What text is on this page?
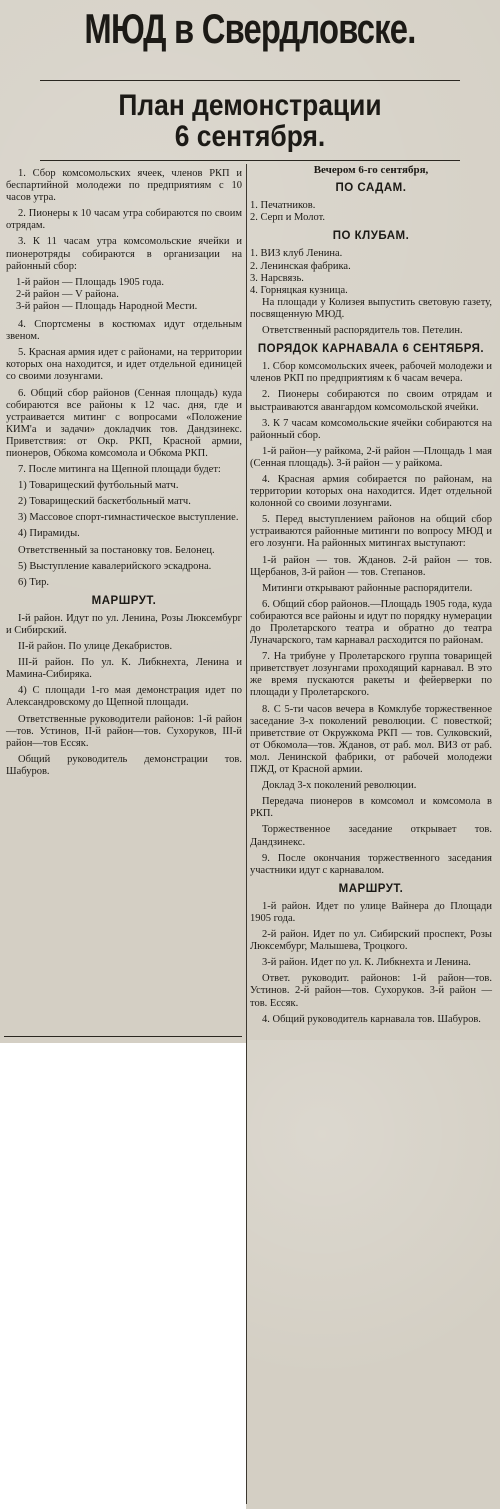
МЮД в Свердловске.
План демонстрации
6 сентября.

1. Сбор комсомольских ячеек, членов РКП и беспартийной молодежи по предприятиям с 10 часов утра.

2. Пионеры к 10 часам утра собираются по своим отрядам.

3. К 11 часам утра комсомольские ячейки и пионеротряды собираются в организации на районный сбор:

1-й район — Площадь 1905 года.

2-й район — V района.

3-й район — Площадь Народной Мести.

4. Спортсмены в костюмах идут отдельным звеном.

5. Красная армия идет с районами, на территории которых она находится, и идет отдельной единицей со своими лозунгами.

6. Общий сбор районов (Сенная площадь) куда собираются все районы к 12 час. дня, где и устраивается митинг с вопросами «Положение КИМ'а и задачи» докладчик тов. Дандзинекс. Приветствия: от Окр. РКП, Красной армии, пионеров, Обкома комсомола и Обкома РКП.

7. После митинга на Щепной площади будет:

1) Товарищеский футбольный матч.

2) Товарищеский баскетбольный матч.

3) Массовое спорт-гимнастическое выступление.

4) Пирамиды.

Ответственный за постановку тов. Белонец.

5) Выступление кавалерийского эскадрона.

6) Тир.

МАРШРУТ.

I-й район. Идут по ул. Ленина, Розы Люксембург и Сибирский.

II-й район. По улице Декабристов.

III-й район. По ул. К. Либкнехта, Ленина и Мамина-Сибиряка.

4) С площади 1-го мая демонстрация идет по Александровскому до Щепной площади.

Ответственные руководители районов: 1-й район—тов. Устинов, II-й район—тов. Сухоруков, III-й район—тов Ессяк.

Общий руководитель демонстрации тов. Шабуров.

Вечером 6-го сентября,
ПО САДАМ.

1. Печатников.

2. Серп и Молот.

ПО КЛУБАМ.

1. ВИЗ клуб Ленина.

2. Ленинская фабрика.

3. Нарсвязь.

4. Горняцкая кузница.

На площади у Колизея выпустить световую газету, посвященную МЮД.

Ответственный распорядитель тов. Петелин.

ПОРЯДОК КАРНАВАЛА 6 СЕНТЯБРЯ.

1. Сбор комсомольских ячеек, рабочей молодежи и членов РКП по предприятиям к 6 часам вечера.

2. Пионеры собираются по своим отрядам и выстраиваются авангардом комсомольской ячейки.

3. К 7 часам комсомольские ячейки собираются на районный сбор.

1-й район—у райкома, 2-й район —Площадь 1 мая (Сенная площадь). 3-й район — у райкома.

4. Красная армия собирается по районам, на территории которых она находится. Идет отдельной колонной со своими лозунгами.

5. Перед выступлением районов на общий сбор устраиваются районные митинги по вопросу МЮД и его лозунги. На районных митингах выступают:

1-й район — тов. Жданов. 2-й район — тов. Щербанов, 3-й район — тов. Степанов.

Митинги открывают районные распорядители.

6. Общий сбор районов.—Площадь 1905 года, куда собираются все районы и идут по порядку нумерации до Пролетарского театра и обратно до театра Луначарского, там карнавал расходится по районам.

7. На трибуне у Пролетарского группа товарищей приветствует лозунгами проходящий карнавал. В это же время пускаются ракеты и фейерверки по площади у Пролетарского.

8. С 5-ти часов вечера в Комклубе торжественное заседание 3-х поколений революции. С повесткой; приветствие от Окружкома РКП — тов. Сулковский, от Обкомола—тов. Жданов, от раб. мол. ВИЗ от раб. мол. Ленинской фабрики, от рабочей молодежи ПЖД, от Красной армии.

Доклад 3-х поколений революции.

Передача пионеров в комсомол и комсомола в РКП.

Торжественное заседание открывает тов. Дандзинекс.

9. После окончания торжественного заседания участники идут с карнавалом.

МАРШРУТ.

1-й район. Идет по улице Вайнера до Площади 1905 года.

2-й район. Идет по ул. Сибирский проспект, Розы Люксембург, Малышева, Троцкого.

3-й район. Идет по ул. К. Либкнехта и Ленина.

Ответ. руководит. районов: 1-й район—тов. Устинов. 2-й район—тов. Сухоруков. 3-й район — тов. Ессяк.

4. Общий руководитель карнавала тов. Шабуров.
